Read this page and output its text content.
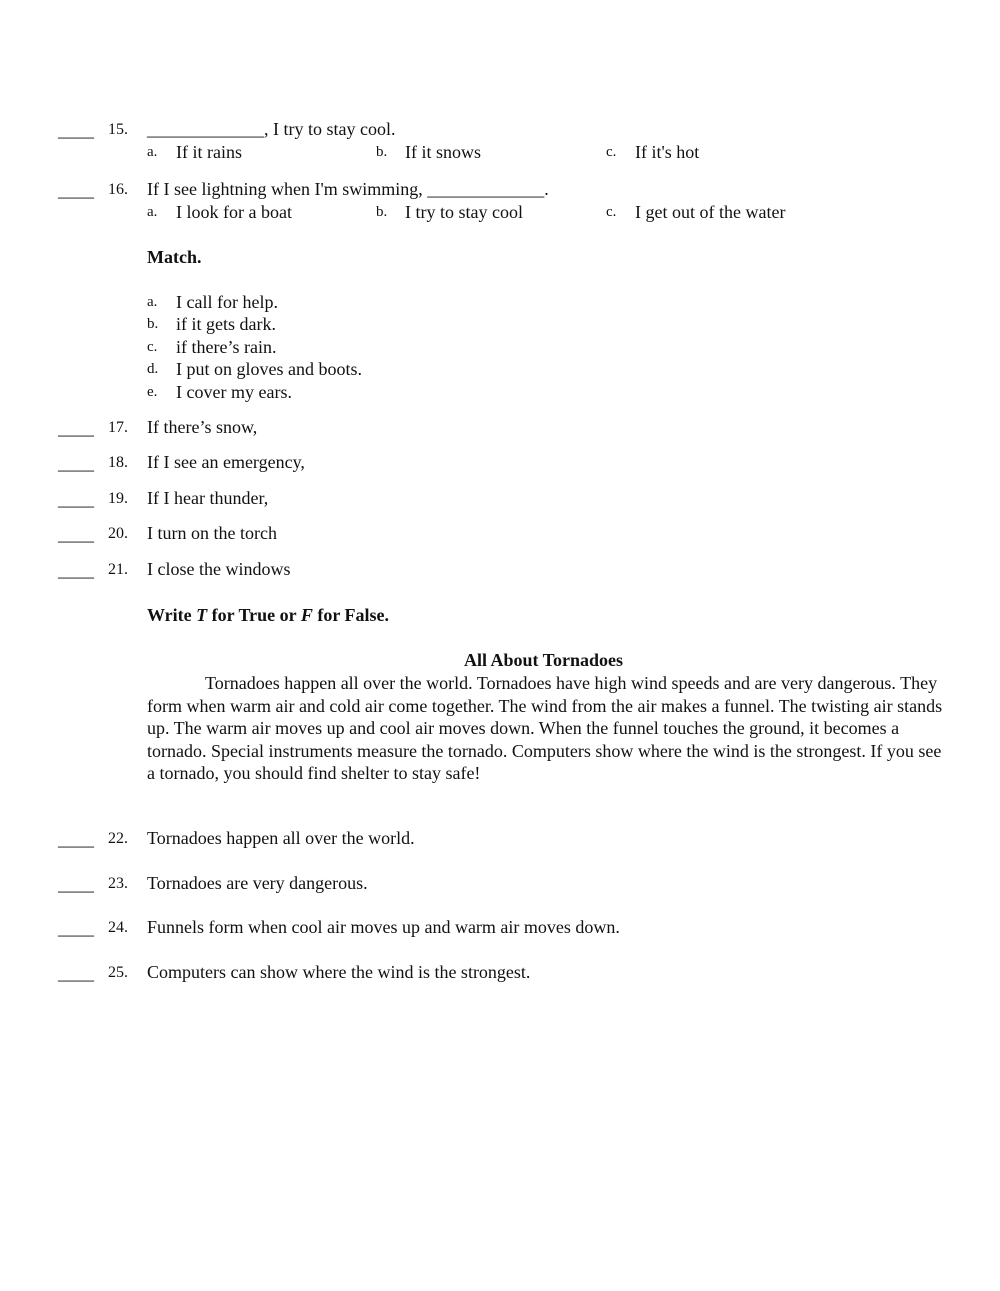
____ 15. _____________, I try to stay cool.
a. If it rains	b. If it snows	c. If it's hot
____ 16. If I see lightning when I'm swimming, _____________.
a. I look for a boat	b. I try to stay cool	c. I get out of the water
Match.
a. I call for help.
b. if it gets dark.
c. if there’s rain.
d. I put on gloves and boots.
e. I cover my ears.
____ 17. If there’s snow,
____ 18. If I see an emergency,
____ 19. If I hear thunder,
____ 20. I turn on the torch
____ 21. I close the windows
Write T for True or F for False.
All About Tornadoes

Tornadoes happen all over the world. Tornadoes have high wind speeds and are very dangerous. They form when warm air and cold air come together. The wind from the air makes a funnel. The twisting air stands up. The warm air moves up and cool air moves down. When the funnel touches the ground, it becomes a tornado. Special instruments measure the tornado. Computers show where the wind is the strongest. If you see a tornado, you should find shelter to stay safe!

____ 22. Tornadoes happen all over the world.
____ 23. Tornadoes are very dangerous.
____ 24. Funnels form when cool air moves up and warm air moves down.
____ 25. Computers can show where the wind is the strongest.
